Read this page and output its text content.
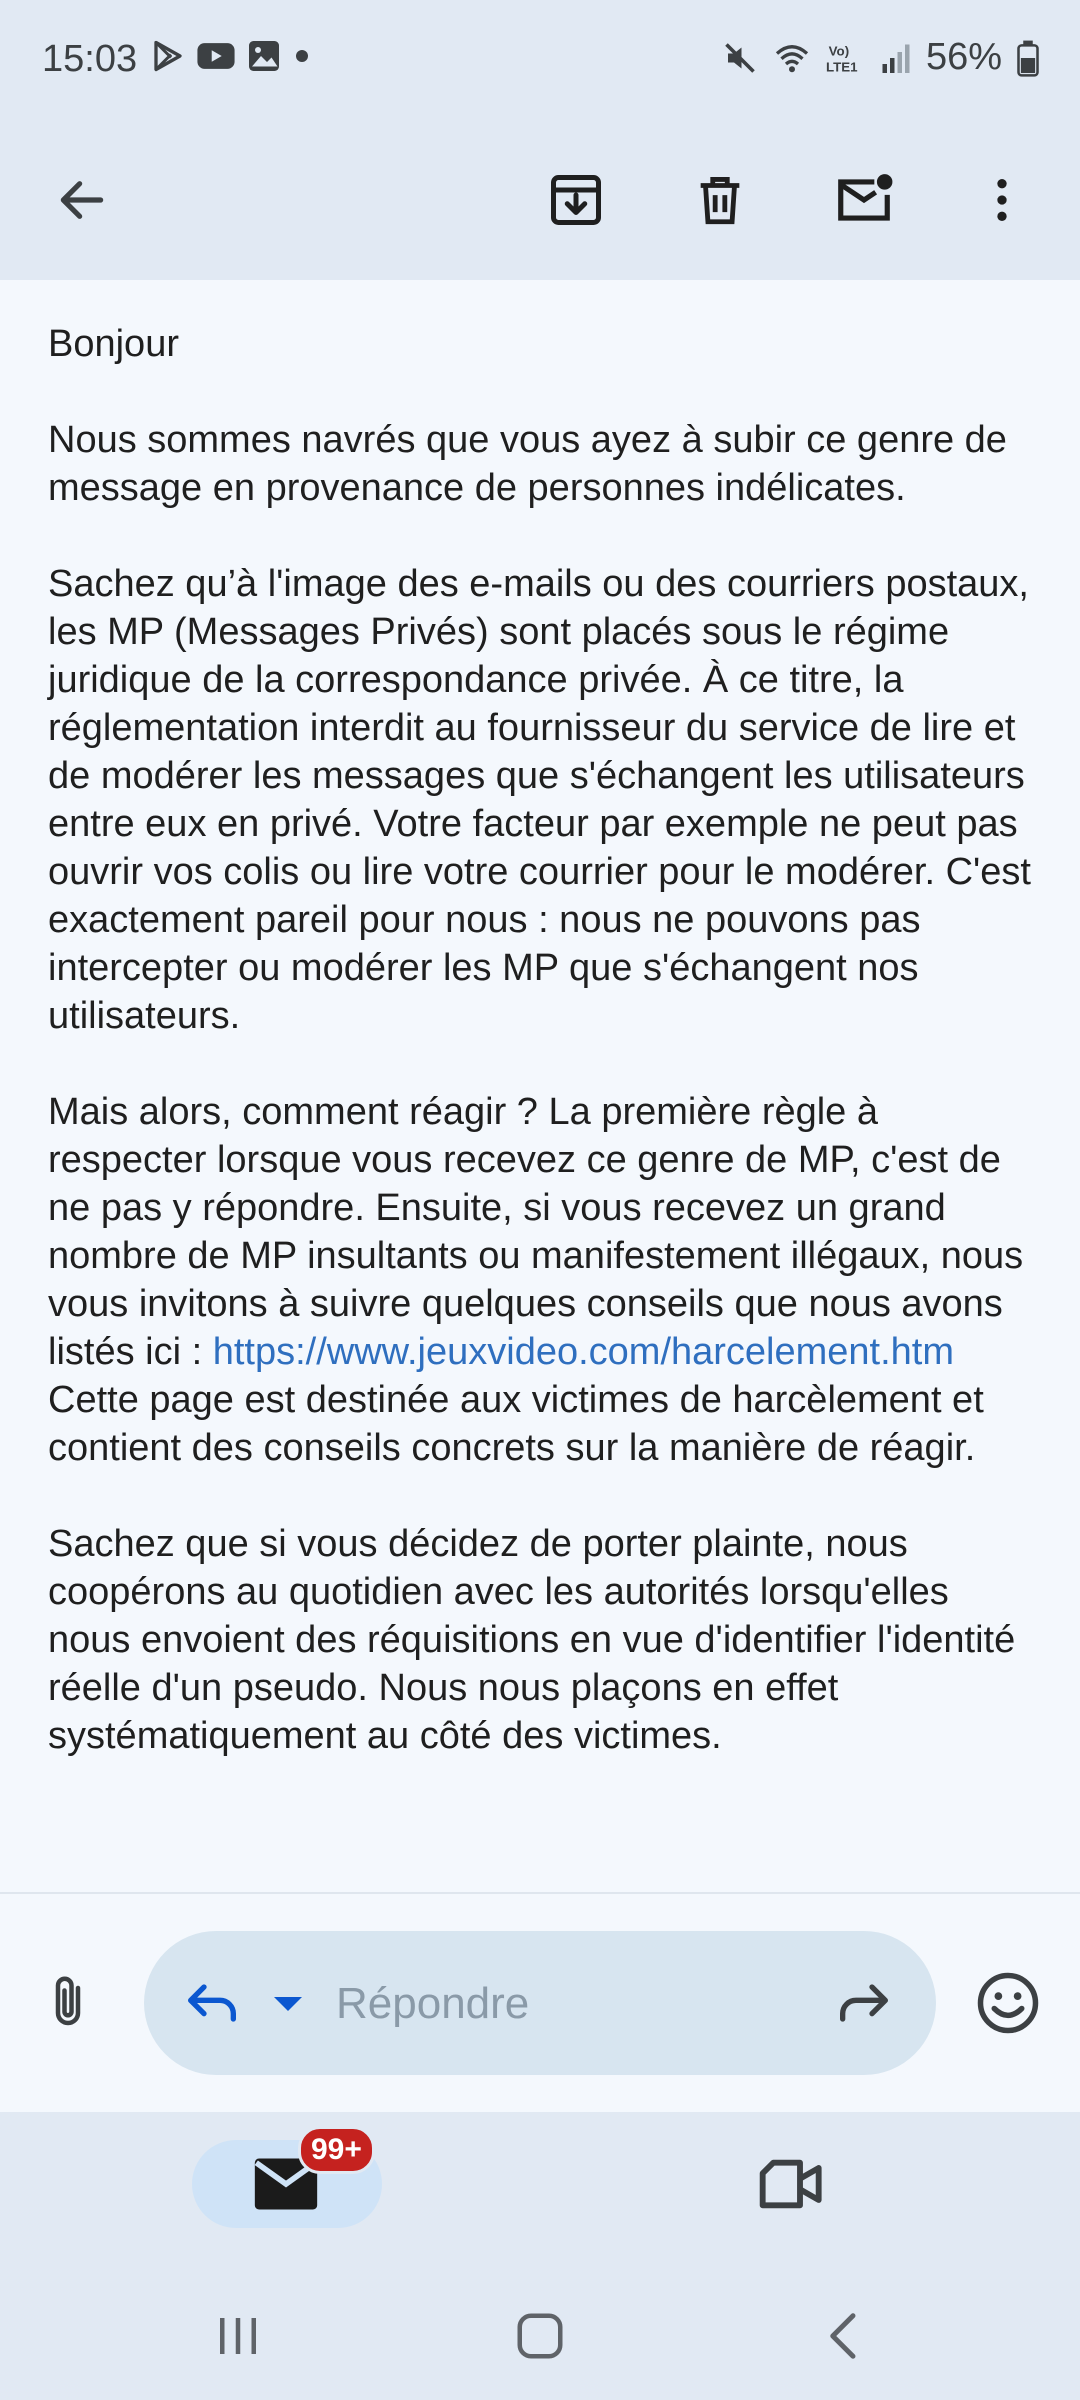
15:03	Vo)
LTE1 56%

Bonjour

Nous sommes navrés que vous ayez à subir ce genre de message en provenance de personnes indélicates.

Sachez qu’à l'image des e-mails ou des courriers postaux, les MP (Messages Privés) sont placés sous le régime juridique de la correspondance privée. À ce titre, la réglementation interdit au fournisseur du service de lire et de modérer les messages que s'échangent les utilisateurs entre eux en privé. Votre facteur par exemple ne peut pas ouvrir vos colis ou lire votre courrier pour le modérer. C'est exactement pareil pour nous : nous ne pouvons pas intercepter ou modérer les MP que s'échangent nos utilisateurs.

Mais alors, comment réagir ? La première règle à respecter lorsque vous recevez ce genre de MP, c'est de ne pas y répondre. Ensuite, si vous recevez un grand nombre de MP insultants ou manifestement illégaux, nous vous invitons à suivre quelques conseils que nous avons listés ici : https://www.jeuxvideo.com/harcelement.htm Cette page est destinée aux victimes de harcèlement et contient des conseils concrets sur la manière de réagir.

Sachez que si vous décidez de porter plainte, nous coopérons au quotidien avec les autorités lorsqu'elles nous envoient des réquisitions en vue d'identifier l'identité réelle d'un pseudo. Nous nous plaçons en effet systématiquement au côté des victimes.

Répondre
99+
